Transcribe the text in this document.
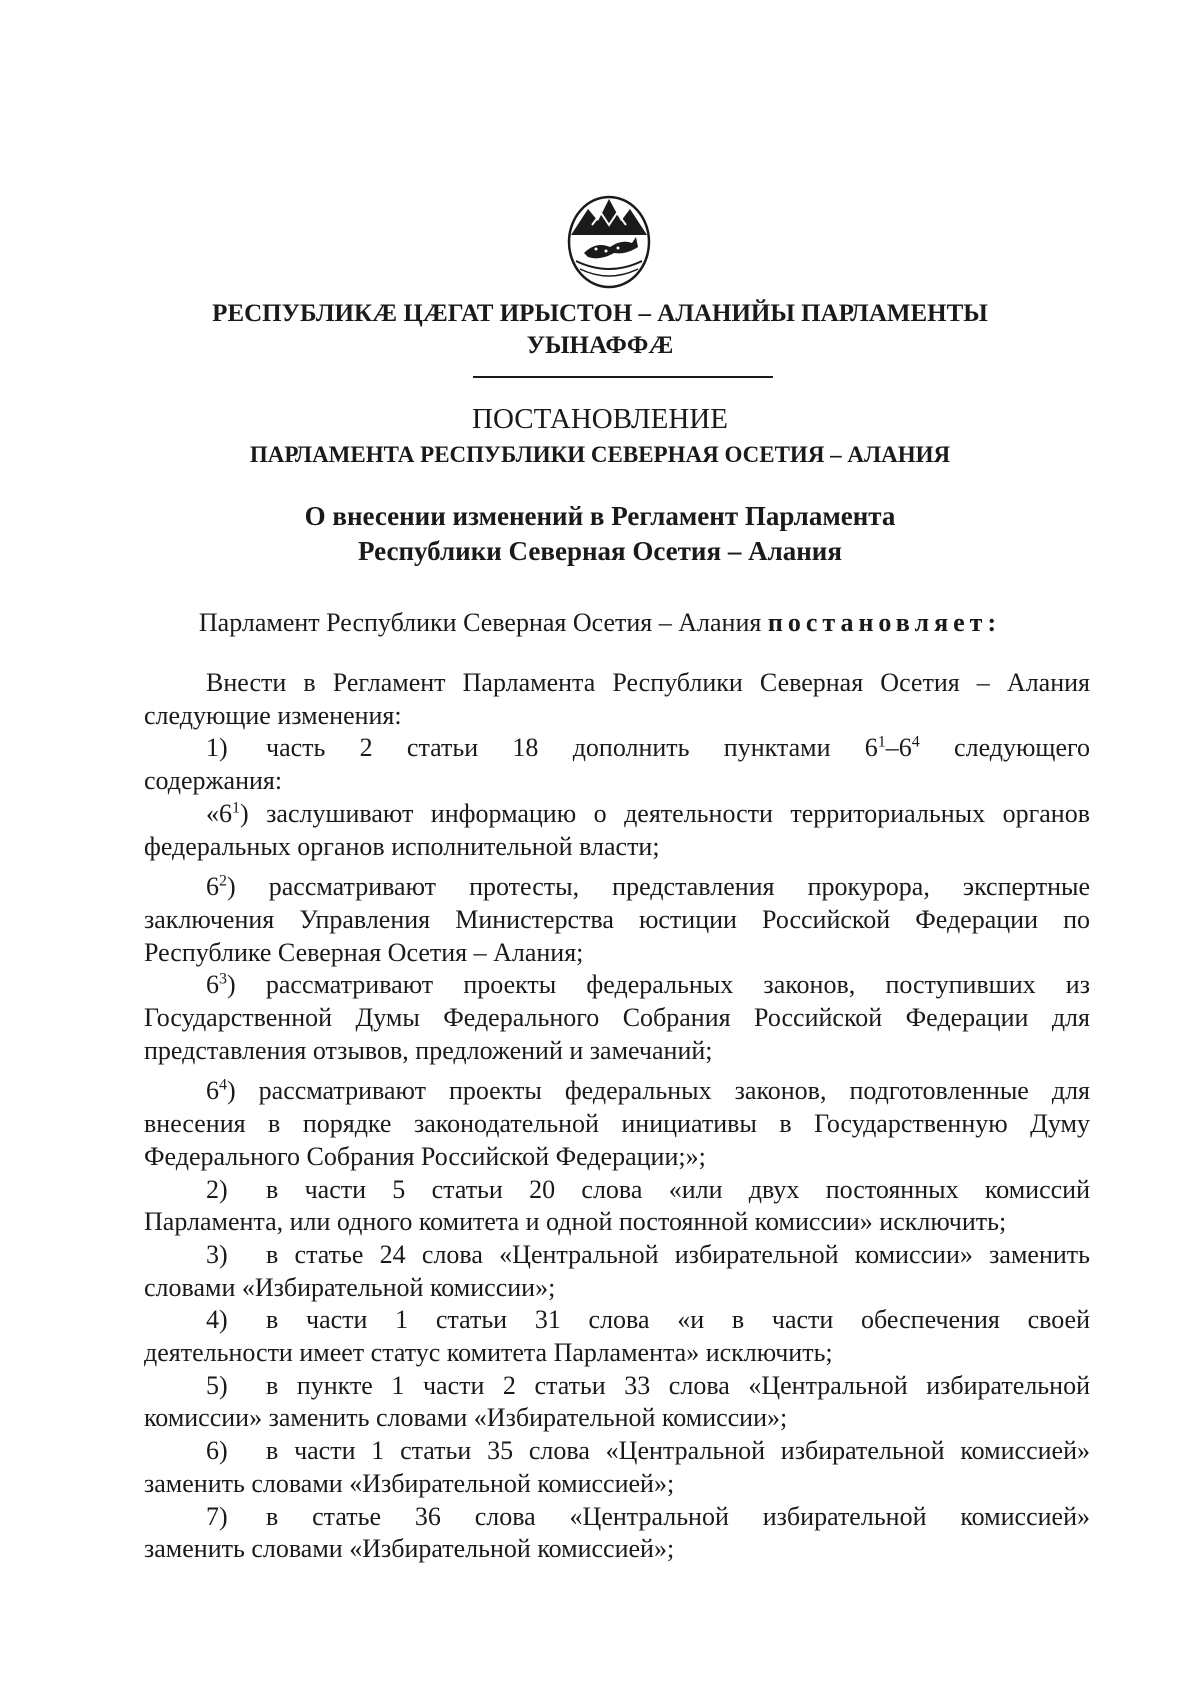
РЕСПУБЛИКӔ ЦӔГАТ ИРЫСТОН – АЛАНИЙЫ ПАРЛАМЕНТЫ
УЫНАФФӔ
ПОСТАНОВЛЕНИЕ
ПАРЛАМЕНТА РЕСПУБЛИКИ СЕВЕРНАЯ ОСЕТИЯ – АЛАНИЯ
О внесении изменений в Регламент Парламента
Республики Северная Осетия – Алания
Парламент Республики Северная Осетия – Алания постановляет:
Внести в Регламент Парламента Республики Северная Осетия – Алания
следующие изменения:
1)	часть 2 статьи 18 дополнить пунктами $6^1-6^4$ следующего
содержания:

«$6^1$) заслушивают информацию о деятельности территориальных органов федеральных органов исполнительной власти;

$6^2$) рассматривают протесты, представления прокурора, экспертные заключения Управления Министерства юстиции Российской Федерации по Республике Северная Осетия – Алания;

$6^3$) рассматривают проекты федеральных законов, поступивших из Государственной Думы Федерального Собрания Российской Федерации для представления отзывов, предложений и замечаний;

$6^4$) рассматривают проекты федеральных законов, подготовленные для внесения в порядке законодательной инициативы в Государственную Думу Федерального Собрания Российской Федерации;»;

2)	в части 5 статьи 20 слова «или двух постоянных комиссий
Парламента, или одного комитета и одной постоянной комиссии» исключить;
3)	в статье 24 слова «Центральной избирательной комиссии» заменить
словами «Избирательной комиссии»;
4)	в части 1 статьи 31 слова «и в части обеспечения своей
деятельности имеет статус комитета Парламента» исключить;
5)	в пункте 1 части 2 статьи 33 слова «Центральной избирательной
комиссии» заменить словами «Избирательной комиссии»;
6)	в части 1 статьи 35 слова «Центральной избирательной комиссией»
заменить словами «Избирательной комиссией»;
7)	в статье 36 слова «Центральной избирательной комиссией»
заменить словами «Избирательной комиссией»;
